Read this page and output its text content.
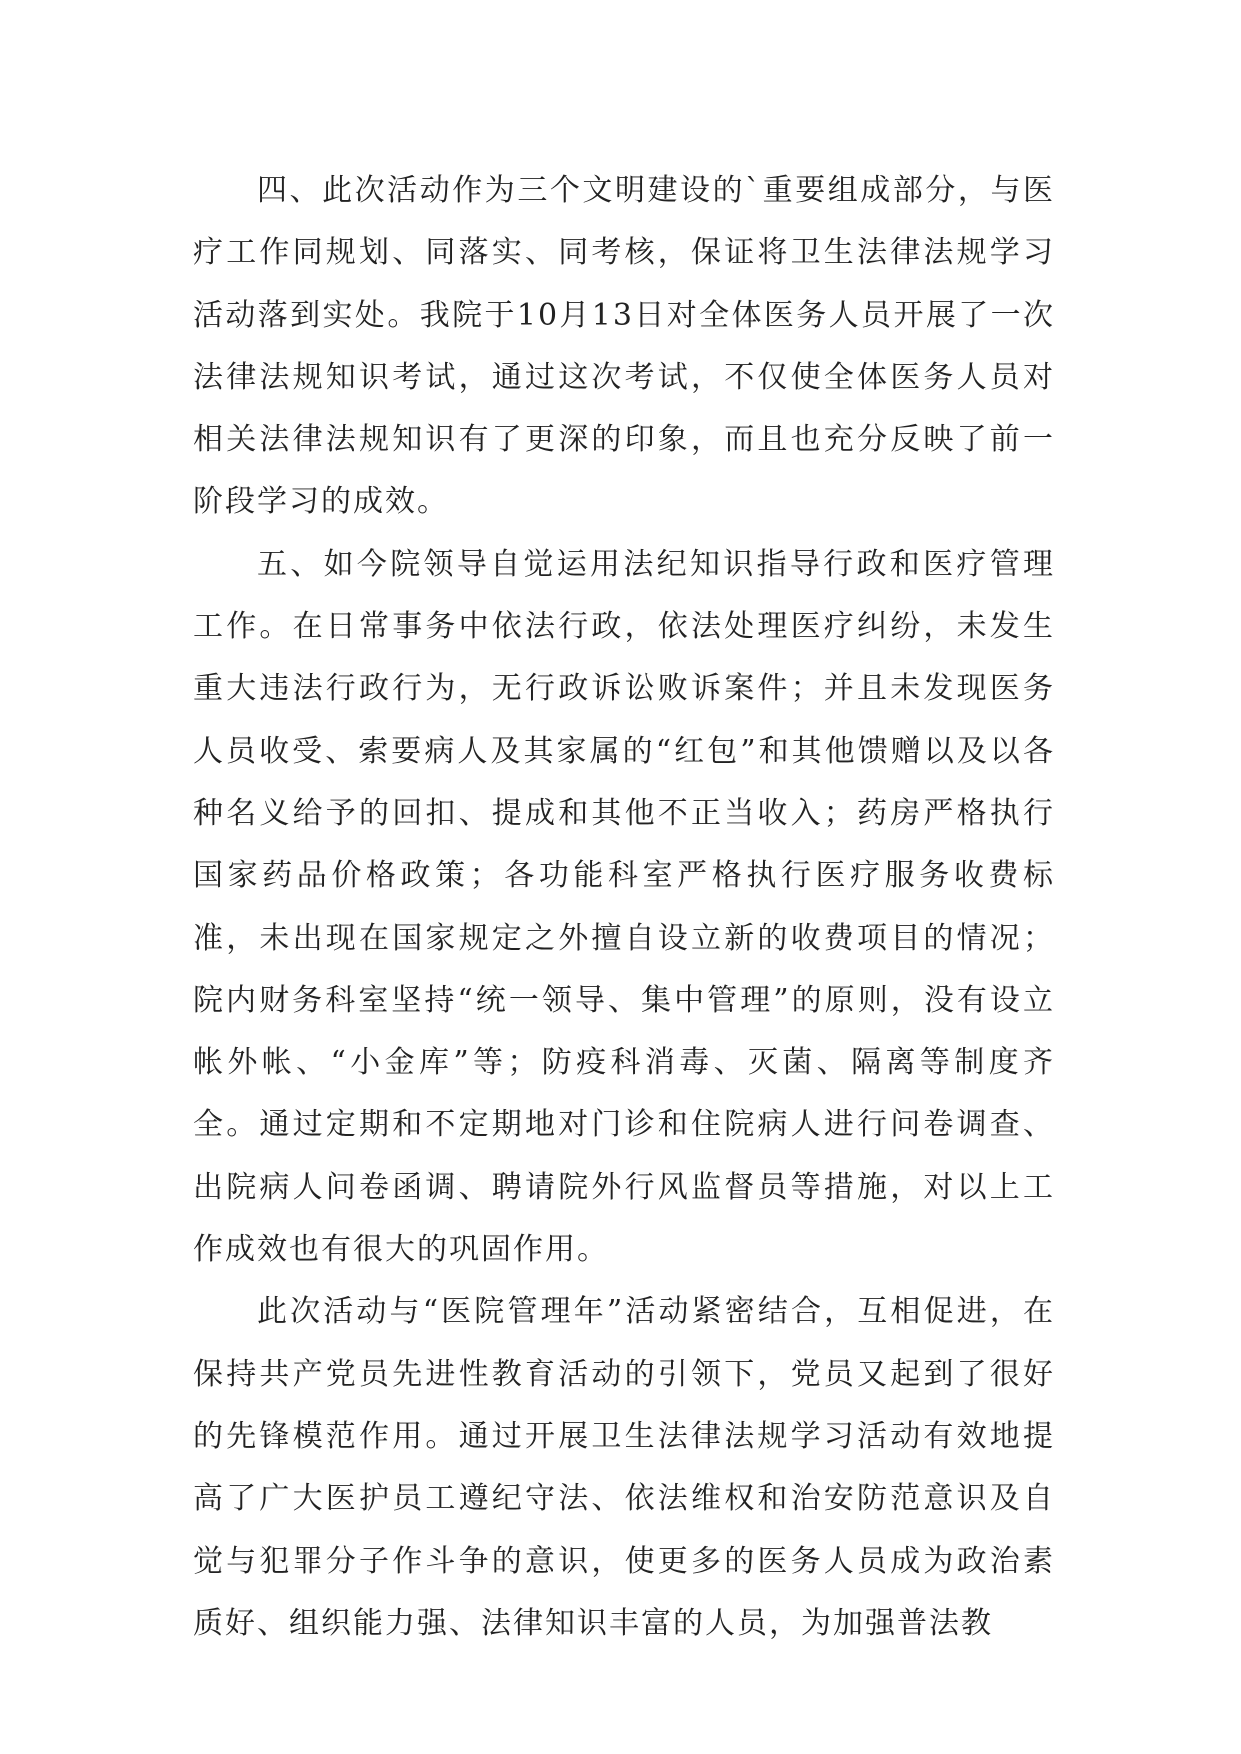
四、此次活动作为三个文明建设的`重要组成部分，与医疗工作同规划、同落实、同考核，保证将卫生法律法规学习活动落到实处。我院于10月13日对全体医务人员开展了一次法律法规知识考试，通过这次考试，不仅使全体医务人员对相关法律法规知识有了更深的印象，而且也充分反映了前一阶段学习的成效。

五、如今院领导自觉运用法纪知识指导行政和医疗管理工作。在日常事务中依法行政，依法处理医疗纠纷，未发生重大违法行政行为，无行政诉讼败诉案件；并且未发现医务人员收受、索要病人及其家属的“红包”和其他馈赠以及以各种名义给予的回扣、提成和其他不正当收入；药房严格执行国家药品价格政策；各功能科室严格执行医疗服务收费标准，未出现在国家规定之外擅自设立新的收费项目的情况；院内财务科室坚持“统一领导、集中管理”的原则，没有设立帐外帐、“小金库”等；防疫科消毒、灭菌、隔离等制度齐全。通过定期和不定期地对门诊和住院病人进行问卷调查、出院病人问卷函调、聘请院外行风监督员等措施，对以上工作成效也有很大的巩固作用。

此次活动与“医院管理年”活动紧密结合，互相促进，在保持共产党员先进性教育活动的引领下，党员又起到了很好的先锋模范作用。通过开展卫生法律法规学习活动有效地提高了广大医护员工遵纪守法、依法维权和治安防范意识及自觉与犯罪分子作斗争的意识，使更多的医务人员成为政治素质好、组织能力强、法律知识丰富的人员，为加强普法教
